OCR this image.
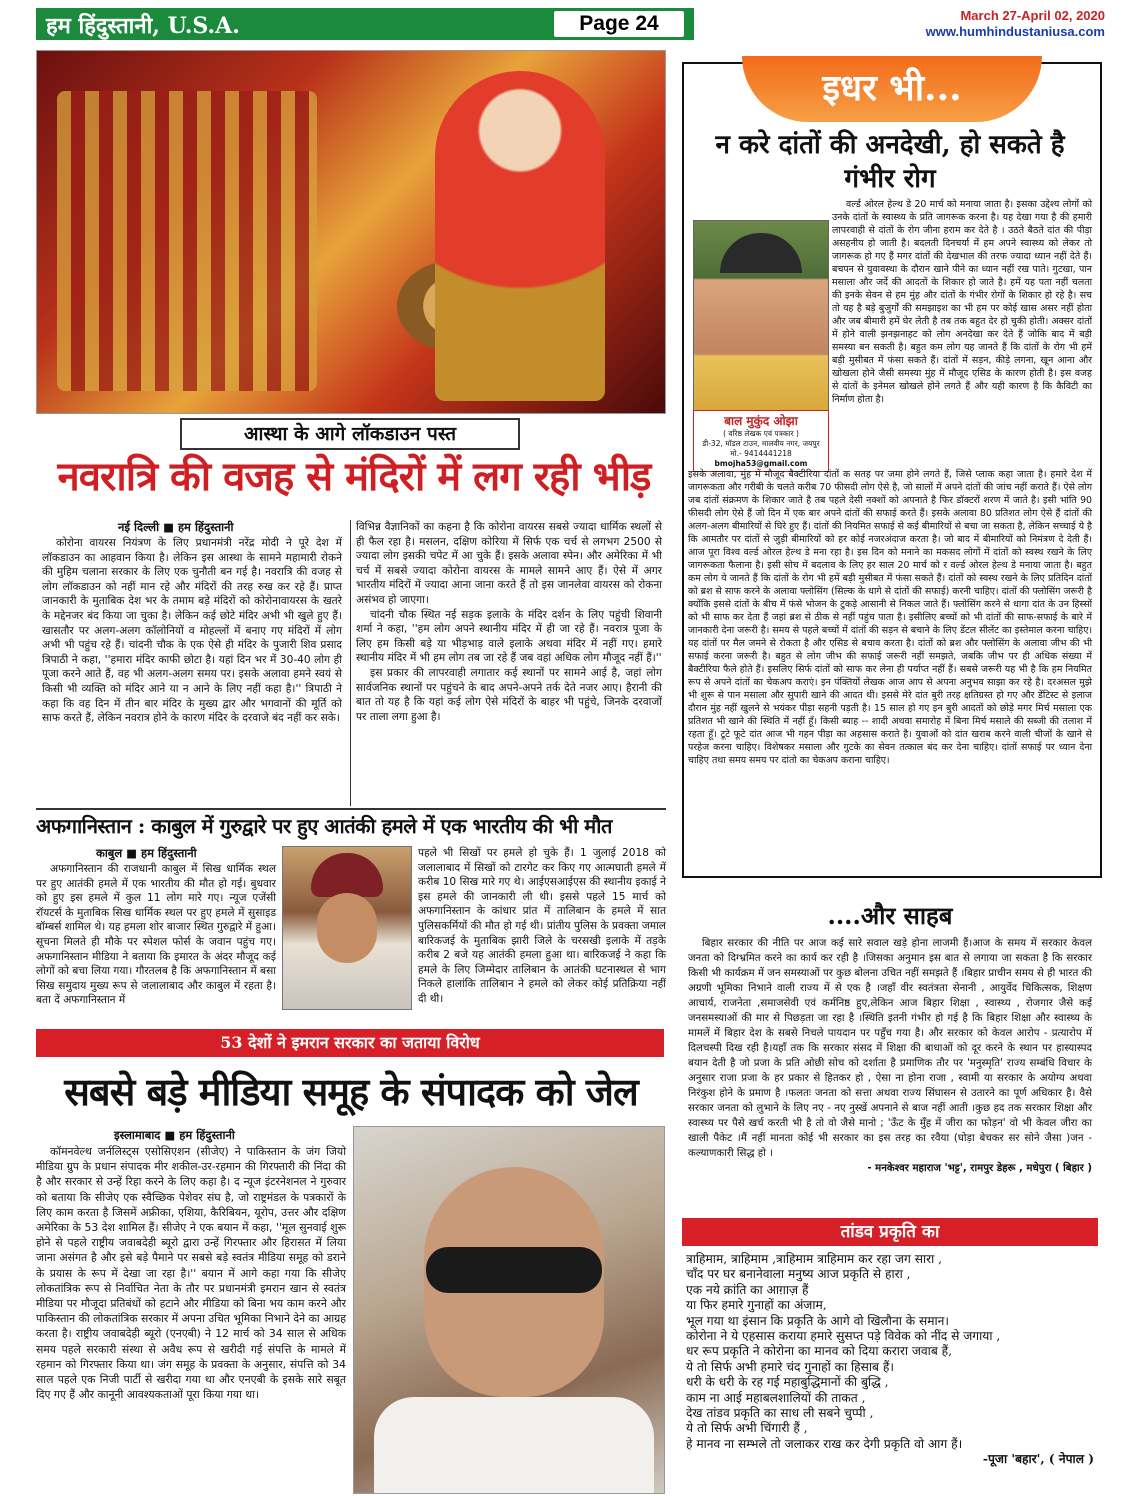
हम हिंदुस्तानी, U.S.A.	Page 24	March 27-April 02, 2020
www.humhindustaniusa.com
आस्था के आगे लॉकडाउन पस्त
नवरात्रि की वजह से मंदिरों में लग रही भीड़
नई दिल्ली ■ हम हिंदुस्तानी

कोरोना वायरस नियंत्रण के लिए प्रधानमंत्री नरेंद्र मोदी ने पूरे देश में लॉकडाउन का आहवान किया है। लेकिन इस आस्था के सामने महामारी रोकने की मुहिम चलाना सरकार के लिए एक चुनौती बन गई है। नवरात्रि की वजह से लोग लॉकडाउन को नहीं मान रहे और मंदिरों की तरह रुख कर रहे हैं। प्राप्त जानकारी के मुताबिक देश भर के तमाम बड़े मंदिरों को कोरोनावायरस के खतरे के मद्देनजर बंद किया जा चुका है। लेकिन कई छोटे मंदिर अभी भी खुले हुए हैं। खासतौर पर अलग-अलग कॉलोनियों व मोहल्लों में बनाए गए मंदिरों में लोग अभी भी पहुंच रहे हैं। चांदनी चौक के एक ऐसे ही मंदिर के पुजारी शिव प्रसाद त्रिपाठी ने कहा, ''हमारा मंदिर काफी छोटा है। यहां दिन भर में 30-40 लोग ही पूजा करने आते हैं, वह भी अलग-अलग समय पर। इसके अलावा हमने स्वयं से किसी भी व्यक्ति को मंदिर आने या न आने के लिए नहीं कहा है।'' त्रिपाठी ने कहा कि वह दिन में तीन बार मंदिर के मुख्य द्वार और भगवानों की मूर्ति को साफ करते हैं, लेकिन नवरात्र होने के कारण मंदिर के दरवाजे बंद नहीं कर सके।

विभिन्न वैज्ञानिकों का कहना है कि कोरोना वायरस सबसे ज्यादा धार्मिक स्थलों से ही फैल रहा है। मसलन, दक्षिण कोरिया में सिर्फ एक चर्च से लगभग 2500 से ज्यादा लोग इसकी चपेट में आ चुके हैं। इसके अलावा स्पेन। और अमेरिका में भी चर्च में सबसे ज्यादा कोरोना वायरस के मामले सामने आए हैं। ऐसे में अगर भारतीय मंदिरों में ज्यादा आना जाना करते हैं तो इस जानलेवा वायरस को रोकना असंभव हो जाएगा।

चांदनी चौक स्थित नई सड़क इलाके के मंदिर दर्शन के लिए पहुंची शिवानी शर्मा ने कहा, ''हम लोग अपने स्थानीय मंदिर में ही जा रहे हैं। नवरात्र पूजा के लिए हम किसी बड़े या भीड़भाड़ वाले इलाके अथवा मंदिर में नहीं गए। हमारे स्थानीय मंदिर में भी हम लोग तब जा रहे हैं जब वहां अधिक लोग मौजूद नहीं हैं।''

इस प्रकार की लापरवाही लगातार कई स्थानों पर सामने आई है, जहां लोग सार्वजनिक स्थानों पर पहुंचने के बाद अपने-अपने तर्क देते नजर आए। हैरानी की बात तो यह है कि यहां कई लोग ऐसे मंदिरों के बाहर भी पहुंचे, जिनके दरवाजों पर ताला लगा हुआ है।

अफगानिस्तान : काबुल में गुरुद्वारे पर हुए आतंकी हमले में एक भारतीय की भी मौत
काबुल ■ हम हिंदुस्तानी

अफगानिस्तान की राजधानी काबुल में सिख धार्मिक स्थल पर हुए आतंकी हमले में एक भारतीय की मौत हो गई। बुधवार को हुए इस हमले में कुल 11 लोग मारे गए। न्यूज एजेंसी रॉयटर्स के मुताबिक सिख धार्मिक स्थल पर हुए हमले में सुसाइड बॉम्बर्स शामिल थे। यह हमला शोर बाजार स्थित गुरुद्वारे में हुआ। सूचना मिलते ही मौके पर स्पेशल फोर्स के जवान पहुंच गए। अफगानिस्तान मीडिया ने बताया कि इमारत के अंदर मौजूद कई लोगों को बचा लिया गया। गौरतलब है कि अफगानिस्तान में बसा सिख समुदाय मुख्य रूप से जलालाबाद और काबुल में रहता है। बता दें अफगानिस्तान में

पहले भी सिखों पर हमले हो चुके हैं। 1 जुलाई 2018 को जलालाबाद में सिखों को टारगेट कर किए गए आत्मघाती हमले में करीब 10 सिख मारे गए थे। आईएसआईएस की स्थानीय इकाई ने इस हमले की जानकारी ली थी। इससे पहले 15 मार्च को अफगानिस्तान के कांधार प्रांत में तालिबान के हमले में सात पुलिसकर्मियों की मौत हो गई थी। प्रांतीय पुलिस के प्रवक्ता जमाल बारिकजई के मुताबिक झारी जिले के चरसखी इलाके में तड़के करीब 2 बजे यह आतंकी हमला हुआ था। बारिकजई ने कहा कि हमले के लिए जिम्मेदार तालिबान के आतंकी घटनास्थल से भाग निकले हालांकि तालिबान ने हमले को लेकर कोई प्रतिक्रिया नहीं दी थी।

53 देशों ने इमरान सरकार का जताया विरोध
सबसे बड़े मीडिया समूह के संपादक को जेल
इस्लामाबाद ■ हम हिंदुस्तानी

कॉमनवेल्थ जर्नलिस्ट्स एसोसिएशन (सीजेए) ने पाकिस्तान के जंग जियो मीडिया ग्रुप के प्रधान संपादक मीर शकील-उर-रहमान की गिरफ्तारी की निंदा की है और सरकार से उन्हें रिहा करने के लिए कहा है। द न्यूज इंटरनेशनल ने गुरुवार को बताया कि सीजेए एक स्वैच्छिक पेशेवर संघ है, जो राष्ट्रमंडल के पत्रकारों के लिए काम करता है जिसमें अफ्रीका, एशिया, कैरिबियन, यूरोप, उत्तर और दक्षिण अमेरिका के 53 देश शामिल हैं। सीजेए ने एक बयान में कहा, ''मूल सुनवाई शुरू होने से पहले राष्ट्रीय जवाबदेही ब्यूरो द्वारा उन्हें गिरफ्तार और हिरासत में लिया जाना असंगत है और इसे बड़े पैमाने पर सबसे बड़े स्वतंत्र मीडिया समूह को डराने के प्रयास के रूप में देखा जा रहा है।'' बयान में आगे कहा गया कि सीजेए लोकतांत्रिक रूप से निर्वाचित नेता के तौर पर प्रधानमंत्री इमरान खान से स्वतंत्र मीडिया पर मौजूदा प्रतिबंधों को हटाने और मीडिया को बिना भय काम करने और पाकिस्तान की लोकतांत्रिक सरकार में अपना उचित भूमिका निभाने देने का आग्रह करता है। राष्ट्रीय जवाबदेही ब्यूरो (एनएबी) ने 12 मार्च को 34 साल से अधिक समय पहले सरकारी संस्था से अवैध रूप से खरीदी गई संपत्ति के मामले में रहमान को गिरफ्तार किया था। जंग समूह के प्रवक्ता के अनुसार, संपत्ति को 34 साल पहले एक निजी पार्टी से खरीदा गया था और एनएबी के इसके सारे सबूत दिए गए हैं और कानूनी आवश्यकताओं पूरा किया गया था।

इधर भी...
न करे दांतों की अनदेखी, हो सकते है गंभीर रोग
बाल मुकुंद ओझा
( वरिष्ठ लेखक एवं पत्रकार )
डी-32, मॉडल टाउन, मालवीय नगर, जयपुर
मो.- 9414441218
bmojha53@gmail.com

वर्ल्ड ओरल हेल्थ डे 20 मार्च को मनाया जाता है। इसका उद्देश्य लोगों को उनके दांतों के स्वास्थ्य के प्रति जागरूक करना है। यह देखा गया है की हमारी लापरवाही से दांतों के रोग जीना हराम कर देते है । उठते बैठते दांत की पीड़ा असहनीय हो जाती है। बदलती दिनचर्या में हम अपने स्वास्थ्य को लेकर तो जागरूक हो गए हैं मगर दांतों की देखभाल की तरफ ज्यादा ध्यान नहीं देते हैं। बचपन से युवावस्था के दौरान खाने पीने का ध्यान नहीं रख पाते। गुटखा, पान मसाला और जर्दे की आदतों के शिकार हो जाते है। हमें यह पता नहीं चलता की इनके सेवन से हम मुंह और दांतों के गंभीर रोगों के शिकार हो रहे है। सच तो यह है बड़े बुजुर्गों की समझाइश का भी हम पर कोई खास असर नहीं होता और जब बीमारी हमें घेर लेती है तब तक बहुत देर हो चुकी होती। अक्सर दांतों में होने वाली झनझनाहट को लोग अनदेखा कर देते हैं जोकि बाद में बड़ी समस्या बन सकती है। बहुत कम लोग यह जानते हैं कि दांतों के रोग भी हमें बड़ी मुसीबत में फंसा सकते हैं। दांतों में सड़न, कीड़े लगना, खून आना और खोखला होने जैसी समस्या मुंह में मौजूद एसिड के कारण होती है। इस वजह से दांतों के इनेमल खोखले होने लगते हैं और यही कारण है कि कैविटी का निर्माण होता है।

इसके अलावा, मुंह में मौजूद बैक्टीरिया दांतों क सतह पर जमा होने लगते हैं, जिसे प्लाक कहा जाता है। हमारे देश में जागरूकता और गरीबी के चलते करीब 70 फीसदी लोग ऐसे है, जो सालों में अपने दांतों की जांच नहीं कराते हैं। ऐसे लोग जब दांतों संक्रमण के शिकार जाते है तब पहले देसी नक्शों को अपनाते है फिर डॉक्टरों शरण में जाते है। इसी भांति 90 फीसदी लोग ऐसे हैं जो दिन में एक बार अपने दांतों की सफाई करते हैं। इसके अलावा 80 प्रतिशत लोग ऐसे हैं दांतों की अलग-अलग बीमारियों से घिरे हुए हैं। दांतों की नियमित सफाई से कई बीमारियों से बचा जा सकता है, लेकिन सच्चाई ये है कि आमतौर पर दांतों से जुड़ी बीमारियों को हर कोई नजरअंदाज करता है। जो बाद में बीमारियों को निमंत्रण दे देती हैं। आज पूरा विश्व वर्ल्ड ओरल हेल्थ डे मना रहा है। इस दिन को मनाने का मकसद लोगों में दांतों को स्वस्थ रखने के लिए जागरूकता फैलाना है। इसी सोच में बदलाव के लिए हर साल 20 मार्च को र वर्ल्ड ओरल हेल्थ डे मनाया जाता है। बहुत कम लोग ये जानते हैं कि दांतों के रोग भी हमें बड़ी मुसीबत में फंसा सकते हैं। दांतों को स्वस्थ रखने के लिए प्रतिदिन दांतों को ब्रश से साफ करने के अलावा फ्लोसिंग (सिल्क के धागे से दांतों की सफाई) करनी चाहिए। दांतों की फ्लोसिंग जरूरी है क्योंकि इससे दांतों के बीच में फंसे भोजन के टुकड़े आसानी से निकल जाते हैं। फ्लोसिंग करने से धागा दांत के उन हिस्सों को भी साफ कर देता हैं जहां ब्रश से ठीक से नहीं पहुंच पाता है। इसीलिए बच्चों को भी दांतों की साफ-सफाई के बारे में जानकारी देना जरूरी है। समय से पहले बच्चों में दांतों की सड़न से बचाने के लिए डेंटल सीलेंट का इस्तेमाल करना चाहिए। यह दांतों पर मैल जमने से रोकता है और एसिड से बचाव करता है। दांतों को ब्रश और फ्लोसिंग के अलावा जीभ की भी सफाई करना जरूरी है। बहुत से लोग जीभ की सफाई जरूरी नहीं समझते, जबकि जीभ पर ही अधिक संख्या में बैक्टीरिया फैले होते हैं। इसलिए सिर्फ दांतों को साफ कर लेना ही पर्याप्त नहीं हैं। सबसे जरूरी यह भी है कि हम नियमित रूप से अपने दांतों का चेकअप कराएं। इन पंक्तियों लेखक आज आप से अपना अनुभव साझा कर रहे है। दरअसल मुझे भी शुरू से पान मसाला और सुपारी खाने की आदत थी। इससे मेरे दांत बुरी तरह क्षतिग्रस्त हो गए और डेंटिस्ट से इलाज दौरान मुंह नहीं खुलने से भयंकर पीड़ा सहनी पड़ती है। 15 साल हो गए इन बुरी आदतों को छोड़े मगर मिर्च मसाला एक प्रतिशत भी खाने की स्थिति में नहीं हूँ। किसी ब्याह -- शादी अथवा समारोह में बिना मिर्च मसाले की सब्जी की तलाश में रहता हूँ। टूटे फूटे दांत आज भी गहन पीड़ा का अहसास कराते है। युवाओं को दांत खराब करने वाली चीजों के खाने से परहेज करना चाहिए। विशेषकर मसाला और गुटके का सेवन तत्काल बंद कर देना चाहिए। दांतों सफाई पर ध्यान देना चाहिए तथा समय समय पर दांतो का चेकअप कराना चाहिए।

....और साहब

बिहार सरकार की नीति पर आज कई सारे सवाल खड़े होना लाजमी हैं।आज के समय में सरकार केवल जनता को दिग्भ्रमित करने का कार्य कर रही है ।जिसका अनुमान इस बात से लगाया जा सकता है कि सरकार किसी भी कार्यक्रम में जन समस्याओं पर कुछ बोलना उचित नहीं समझते हैं ।बिहार प्राचीन समय से ही भारत की अग्रणी भूमिका निभाने वाली राज्य में से एक है ।जहाँ वीर स्वतंत्रता सेनानी , आयुर्वेद चिकित्सक, शिक्षण आचार्य, राजनेता ,समाजसेवी एवं कर्मनिष्ठ हुए,लेकिन आज बिहार शिक्षा , स्वास्थ्य , रोजगार जैसे कई जनसमस्याओं की मार से पिछड़ता जा रहा है ।स्थिति इतनी गंभीर हो गई है कि बिहार शिक्षा और स्वास्थ्य के मामलें में बिहार देश के सबसे निचले पायदान पर पहुँच गया है। और सरकार को केवल आरोप - प्रत्यारोप में दिलचस्पी दिख रही है।यहाँ तक कि सरकार संसद में शिक्षा की बाधाओं को दूर करने के स्थान पर हास्यास्पद बयान देती है जो प्रजा के प्रति ओछी सोच को दर्शाता है प्रमाणिक तौर पर 'मनुस्मृति' राज्य सम्बंधि विचार के अनुसार राजा प्रजा के हर प्रकार से हितकर हो , ऐसा ना होना राजा , स्वामी या सरकार के अयोग्य अथवा निरंकुश होने के प्रमाण है ।फलतः जनता को सत्ता अथवा राज्य सिंघासन से उतारने का पूर्ण अधिकार है। वैसे सरकार जनता को लुभाने के लिए नए - नए नुस्खें अपनाने से बाज नहीं आती ।कुछ हद तक सरकार शिक्षा और स्वास्थ्य पर पैसे खर्च करती भी है तो वो जैसे मानो ; 'ऊँट के मुँह में जीरा का फोड़न' वो भी केवल जीरा का खाली पैकेट ।मैं नहीं मानता कोई भी सरकार का इस तरह का रवैया (घोड़ा बेचकर सर सोने जैसा )जन - कल्याणकारी सिद्ध हो ।

- मनकेश्वर महाराज 'भट्ट', रामपुर डेहरू , मधेपुरा ( बिहार )

तांडव प्रकृति का
त्राहिमाम, त्राहिमाम ,त्राहिमाम त्राहिमाम कर रहा जग सारा ,
चाँद पर घर बनानेवाला मनुष्य आज प्रकृति से हारा ,
एक नये क्रांति का आग़ाज़ हैं
या फिर हमारे गुनाहों का अंजाम,
भूल गया था इंसान कि प्रकृति के आगे वो खिलौना के समान।
कोरोना ने ये एहसास कराया हमारे सुसप्त पड़े विवेक को नींद से जगाया ,
धर रूप प्रकृति ने कोरोना का मानव को दिया करारा जवाब हैं,
ये तो सिर्फ अभी हमारे चंद गुनाहों का हिसाब हैं।
धरी के धरी के रह गई महाबुद्धिमानों की बुद्धि ,
काम ना आई महाबलशालियों की ताकत ,
देख तांडव प्रकृति का साध ली सबने चुप्पी ,
ये तो सिर्फ अभी चिंगारी हैं ,
हे मानव ना सम्भले तो जलाकर राख कर देगी प्रकृति वो आग हैं।
-पूजा 'बहार', ( नेपाल )
